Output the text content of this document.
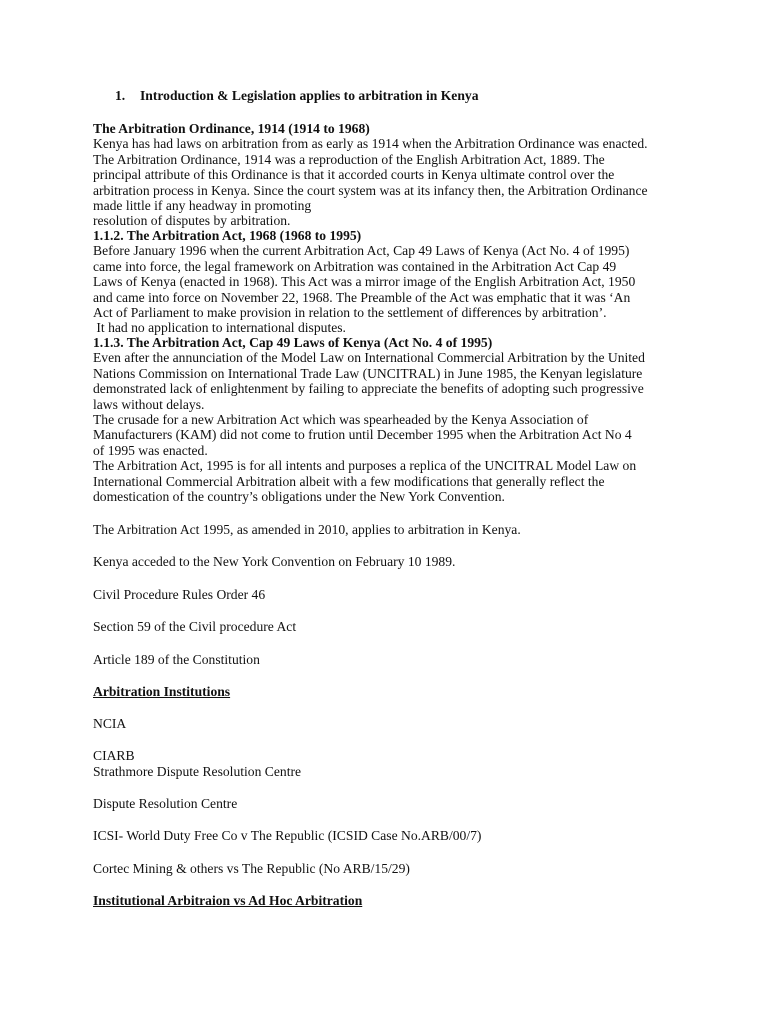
1. Introduction & Legislation applies to arbitration in Kenya

The Arbitration Ordinance, 1914 (1914 to 1968)

Kenya has had laws on arbitration from as early as 1914 when the Arbitration Ordinance was enacted.

The Arbitration Ordinance, 1914 was a reproduction of the English Arbitration Act, 1889. The

principal attribute of this Ordinance is that it accorded courts in Kenya ultimate control over the

arbitration process in Kenya. Since the court system was at its infancy then, the Arbitration Ordinance

made little if any headway in promoting

resolution of disputes by arbitration.

1.1.2. The Arbitration Act, 1968 (1968 to 1995)

Before January 1996 when the current Arbitration Act, Cap 49 Laws of Kenya (Act No. 4 of 1995)

came into force, the legal framework on Arbitration was contained in the Arbitration Act Cap 49

Laws of Kenya (enacted in 1968). This Act was a mirror image of the English Arbitration Act, 1950

and came into force on November 22, 1968. The Preamble of the Act was emphatic that it was ‘An

Act of Parliament to make provision in relation to the settlement of differences by arbitration’.

It had no application to international disputes.

1.1.3. The Arbitration Act, Cap 49 Laws of Kenya (Act No. 4 of 1995)

Even after the annunciation of the Model Law on International Commercial Arbitration by the United

Nations Commission on International Trade Law (UNCITRAL) in June 1985, the Kenyan legislature

demonstrated lack of enlightenment by failing to appreciate the benefits of adopting such progressive

laws without delays.

The crusade for a new Arbitration Act which was spearheaded by the Kenya Association of

Manufacturers (KAM) did not come to frution until December 1995 when the Arbitration Act No 4

of 1995 was enacted.

The Arbitration Act, 1995 is for all intents and purposes a replica of the UNCITRAL Model Law on

International Commercial Arbitration albeit with a few modifications that generally reflect the

domestication of the country’s obligations under the New York Convention.

The Arbitration Act 1995, as amended in 2010, applies to arbitration in Kenya.
Kenya acceded to the New York Convention on February 10 1989.
Civil Procedure Rules Order 46
Section 59 of the Civil procedure Act
Article 189 of the Constitution
Arbitration Institutions
NCIA
CIARB
Strathmore Dispute Resolution Centre
Dispute Resolution Centre
ICSI- World Duty Free Co v The Republic (ICSID Case No.ARB/00/7)
Cortec Mining & others vs The Republic (No ARB/15/29)
Institutional Arbitraion vs Ad Hoc Arbitration
